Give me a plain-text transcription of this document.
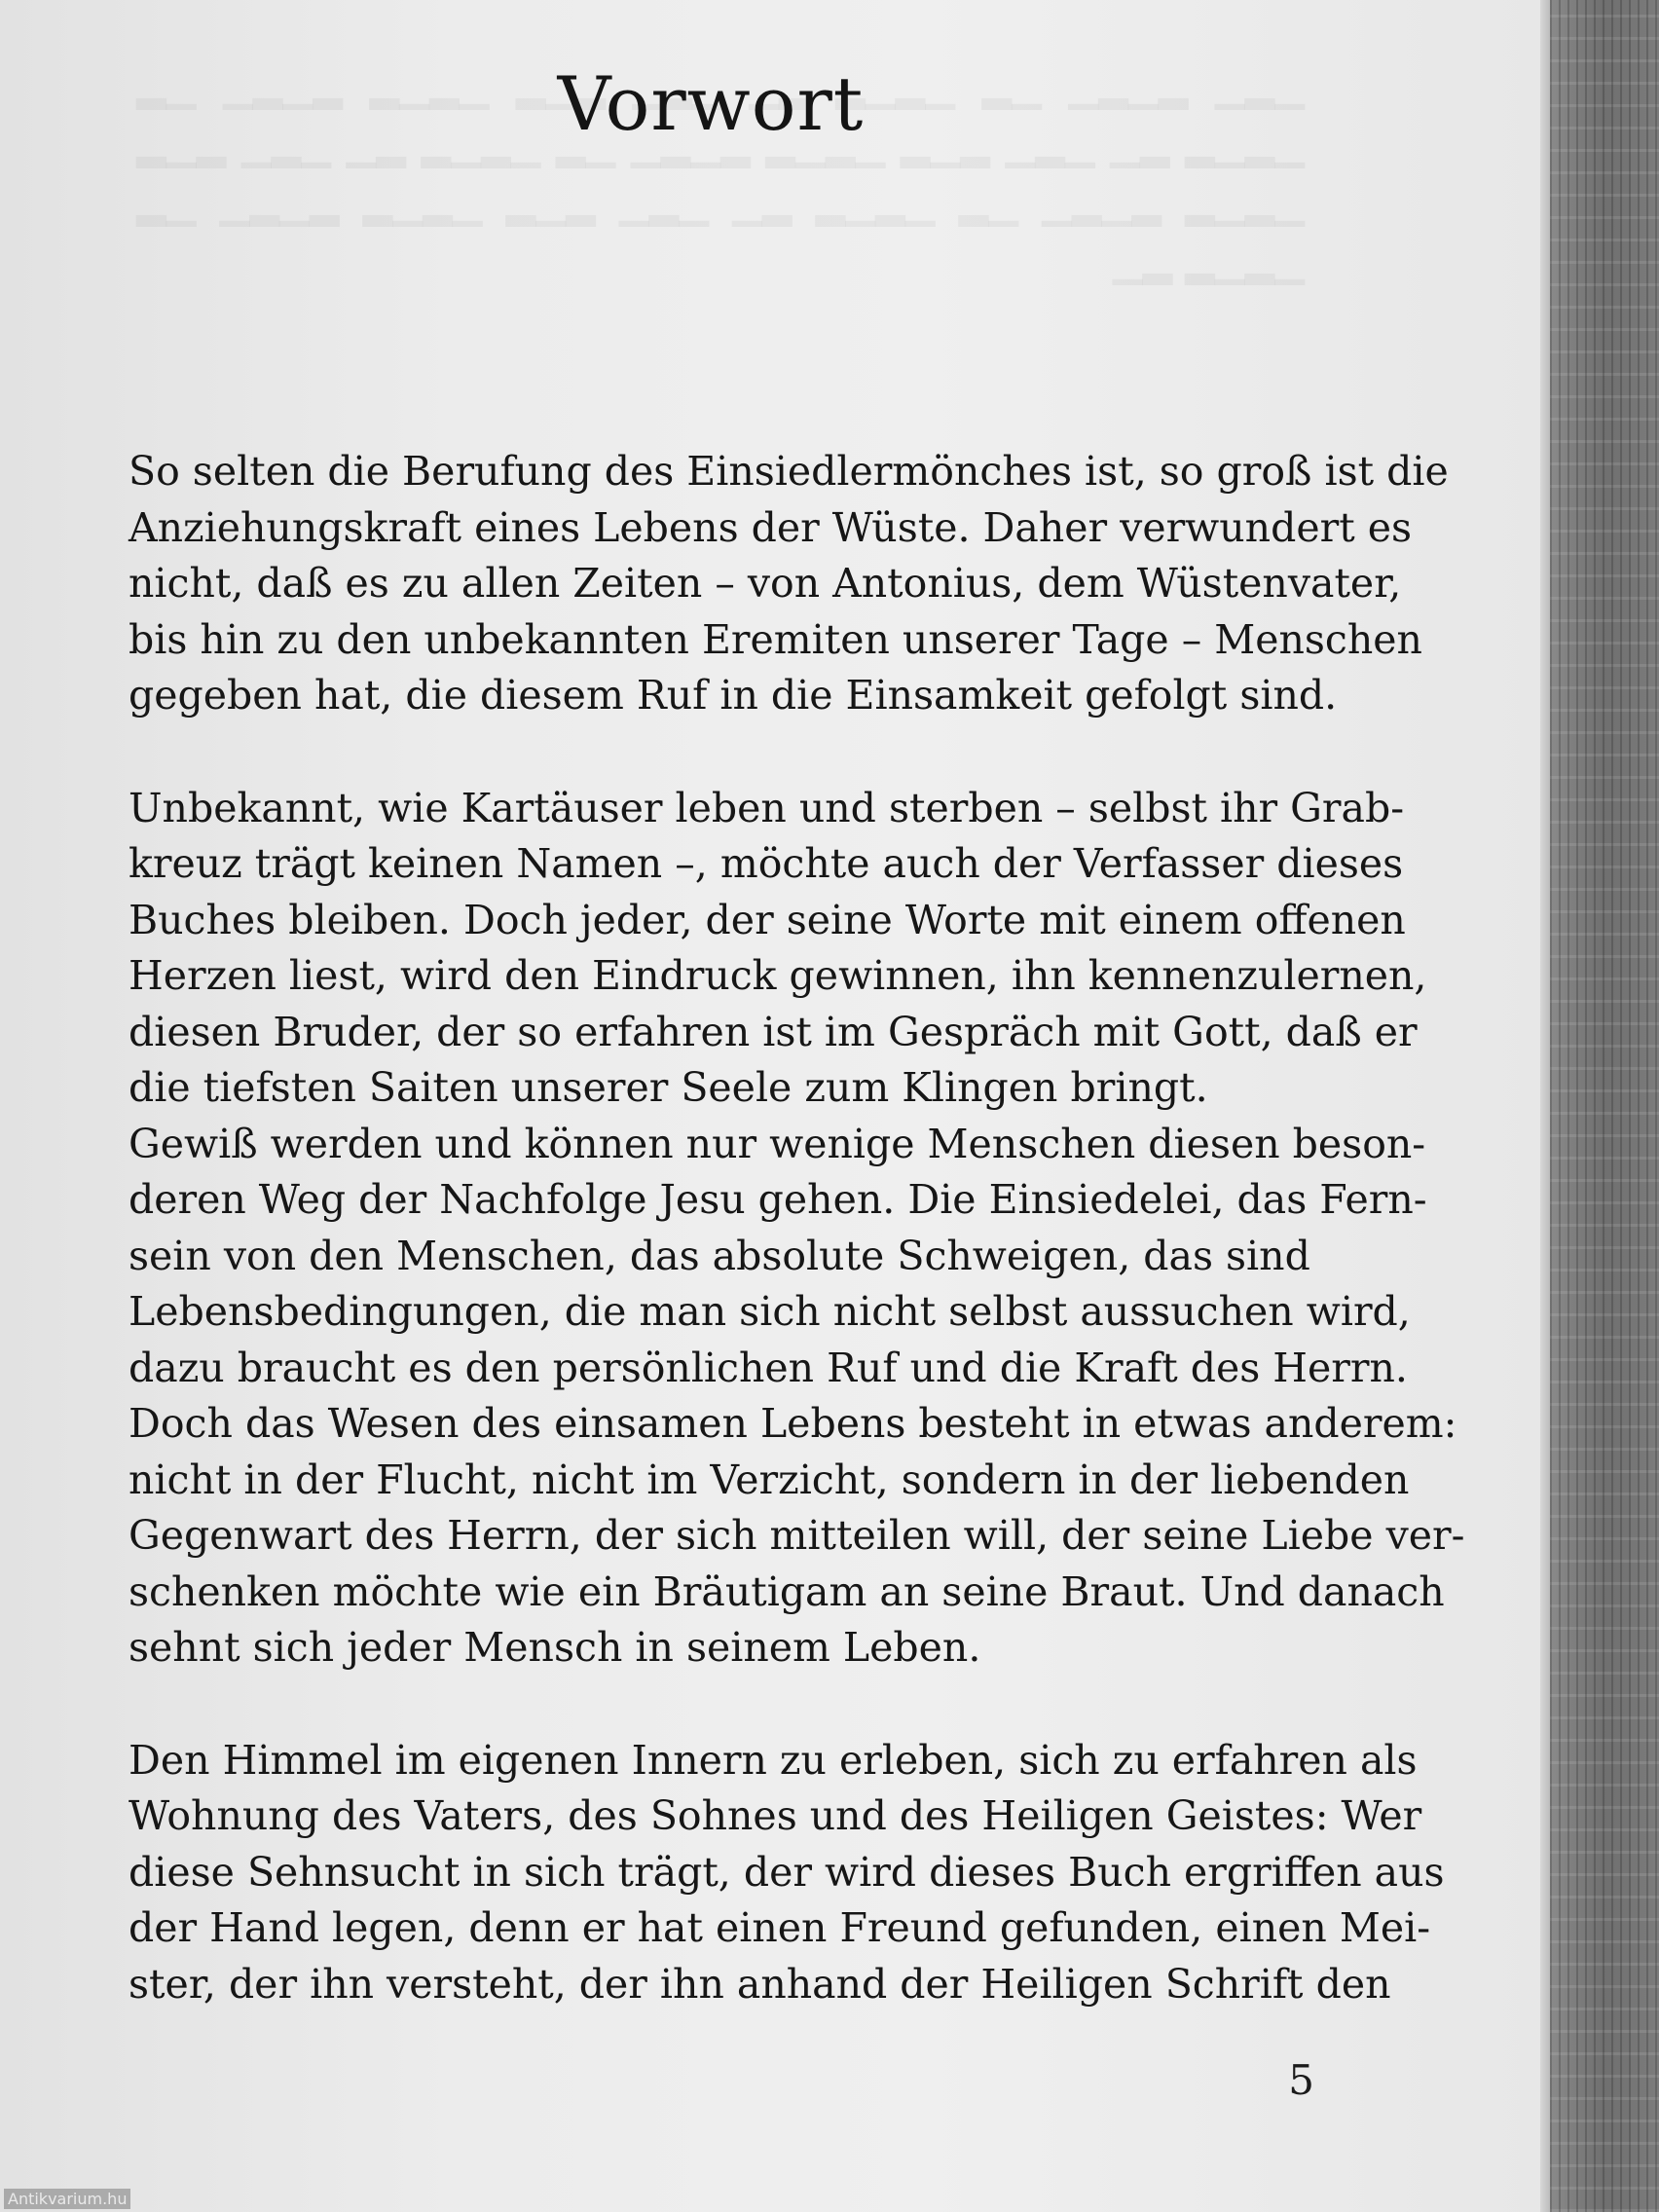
Vorwort

So selten die Berufung des Einsiedlermönches ist, so groß ist die
Anziehungskraft eines Lebens der Wüste. Daher verwundert es
nicht, daß es zu allen Zeiten – von Antonius, dem Wüstenvater,
bis hin zu den unbekannten Eremiten unserer Tage – Menschen
gegeben hat, die diesem Ruf in die Einsamkeit gefolgt sind.

Unbekannt, wie Kartäuser leben und sterben – selbst ihr Grab-
kreuz trägt keinen Namen –, möchte auch der Verfasser dieses
Buches bleiben. Doch jeder, der seine Worte mit einem offenen
Herzen liest, wird den Eindruck gewinnen, ihn kennenzulernen,
diesen Bruder, der so erfahren ist im Gespräch mit Gott, daß er
die tiefsten Saiten unserer Seele zum Klingen bringt.
Gewiß werden und können nur wenige Menschen diesen beson-
deren Weg der Nachfolge Jesu gehen. Die Einsiedelei, das Fern-
sein von den Menschen, das absolute Schweigen, das sind
Lebensbedingungen, die man sich nicht selbst aussuchen wird,
dazu braucht es den persönlichen Ruf und die Kraft des Herrn.
Doch das Wesen des einsamen Lebens besteht in etwas anderem:
nicht in der Flucht, nicht im Verzicht, sondern in der liebenden
Gegenwart des Herrn, der sich mitteilen will, der seine Liebe ver-
schenken möchte wie ein Bräutigam an seine Braut. Und danach
sehnt sich jeder Mensch in seinem Leben.

Den Himmel im eigenen Innern zu erleben, sich zu erfahren als
Wohnung des Vaters, des Sohnes und des Heiligen Geistes: Wer
diese Sehnsucht in sich trägt, der wird dieses Buch ergriffen aus
der Hand legen, denn er hat einen Freund gefunden, einen Mei-
ster, der ihn versteht, der ihn anhand der Heiligen Schrift den

5
Antikvarium.hu
